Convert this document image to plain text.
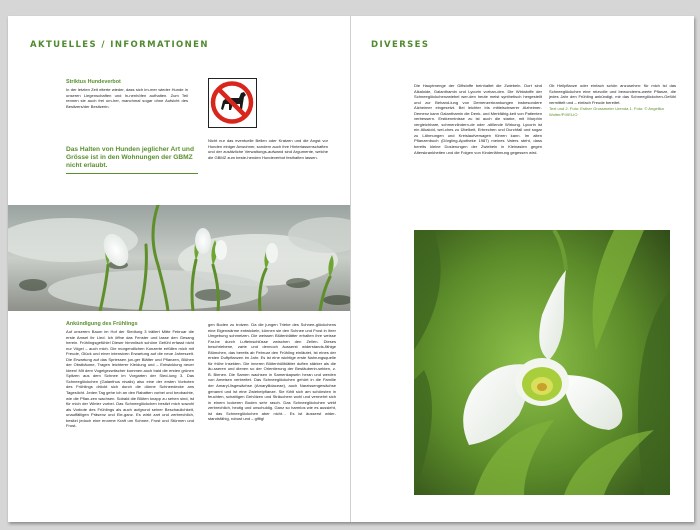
AKTUELLES / INFORMATIONEN
Striktus Hundeverbot
In der letzten Zeit elterte wieder, dass sich im-mer wieder Hunde in unseren Liegenschaften und In-nenhöfen aufhalten. Zum Teil rennen sie auch frei um-her, manchmal sogar ohne Aufsicht des Besitzers/der Besitzerin.
Das Halten von Hunden jeglicher Art und Grösse ist in den Wohnungen der GBMZ nicht erlaubt.
Nicht nur das eventuelle Bellen oder Kratzen und die Angst vor Hunden einiger Anwohner, sondern auch ihre Hinterlassenschaften und der zusätzliche Verwaltungs-aufwand sind Argumente, welche die GBMZ zum beste-henden Hundeverbot festhalten lassen.
Ankündigung des Frühlings
Auf unserem Baum im Hof der Siedlung 3 trällert Mitte Februar die erste Amsel ihr Lied. Ich öffne das Fenster und lasse den Gesang herein. Frühlingsgefühle! Dieser himmlisch schöne Gefühl erfasst nicht nur Vögel – auch mich. Die morgendlichen Konzerte erfüllen mich mit Freude, Glück und einer intensiven Erwartung auf die neue Jahreszeit. Die Erwartung auf das Spriessen jun-ger Blätter und Pflanzen, Blühen der Obstbäume, Tragen leichterer Kleidung und – Entwicklung neuer Ideen! Mit dem Vogelgezwitscher kommen auch bald die ersten grünen Spitzen aus dem Schnee im Vorgarten der Sied-lung 3. Das Schneeglöckchen (Galanthus nivalis) also eine der ersten Vorboten des Frühlings drückt sich durch die dünne Schneedecke ans Tageslicht. Jeden Tag gehe ich an den Rabatten vorbei und beobachte, wie die Pflan-zen wachsen. Sobald die Blüten knapp zu sehen sind, ist für mich der Winter vorbei. Das Schneeglöckchen besitzt mich sowohl als Vorbote des Frühlings als auch aufgrund seiner Beschaulichkeit, unauffälligen Präsenz und Ele-ganz. Es wirkt zart und zerbrechlich, besitzt jedoch eine enorme Kraft um Schnee, Frost und Stürmen und Frost-
gen Boden zu trotzen. Da die jungen Triebe des Schnee-glöckchens eine Eigenwärme entwickeln, können sie den Schnee und Frost in ihrer Umgebung schmelzen. Die weissen Blütenblätter erhalten ihre weisse Far-be durch Lufteinschlüsse zwischen den Zellen. Dieses beschriebene, zarte und dennoch äusserst widerstands-fähige Blümchen, das bereits ab Februar den Frühling einläutet, ist eines der ersten Duftpflanzen im Jahr. Es ist eine wichtige erste Nahrungsquelle für frühe Insekten. Die inneren Blütenhüllblätter duften stärker als die äu-sseren und dienen so der Orientierung der Bestäuberin-sekten, z. B. Bienen. Die Samen wachsen in Samenkapseln heran und werden von Ameisen verbreitet. Das Schneeglöckchen gehört in die Familie der Amaryl-lisgewächse (Amaryllidaceae), auch Narzissengewächse genannt und ist eine Zwiebelpflanze. Sie fühlt sich am schönsten in feuchten, schattigen Gehölzen und Sträuchern wohl und vermehrt sich in einem lockeren Boden sehr rasch. Das Schneeglöckchen wirkt zerbrechlich, heutig und unschuldig. Ganz so harmlos wie es aussieht, ist das Schneeglöckchen aber nicht… Es ist äusserst wider-standsfähig, robust und – giftig!
DIVERSES
Die Hauptmenge der Giftstoffe beinhaltet die Zwiebeln. Dort sind Alkaloide, Galanthamin und Lycorin vorhan-den. Die Wirkstoffe der Schneeglöckchenzwiebel wer-den heute meist synthetisch hergestellt und zur Behand-lung von Demenzerkrankungen insbesondere Alzheimer eingesetzt. Bei leichter bis mittelschwerer Alzheimer-Demenz kann Galanthamin die Denk- und Merkfähig-keit von Patienten verbessern. Erstkenntnisse zu ist auch die starke, mit Morphin vergleichbare, schmerzlindern-de oder -stillende Wirkung. Lycorin ist ein Alkaloid, wel-ches zu Übelkeit, Erbrechen und Durchfall und sogar zu Lähmungen und Kreislaufversagen führen kann. Im alten Pflanzenbuch (Dörgling-Apotheke 1987) meines Vaters steht, dass bereits kleine Dosierungen der Zwiebeln in Kleinasien gegen Alterskrankheiten und die Folgen von Kinderlähmung gegessen wird.
Ob Heilpflanze oder einfach schön anzusehen: für mich ist das Schneeglöckchen eine reizvolle und bewunderns-werte Pflanze, die jedes Jahr den Frühling ankündigt, mir das Schneeglöckchen-Gefühl vermittelt und – einfach Freude bereitet.
Text und 2. Foto: Esther Grossmeier Urenda 1. Foto: © Angelika Wolter/PIXELIO
